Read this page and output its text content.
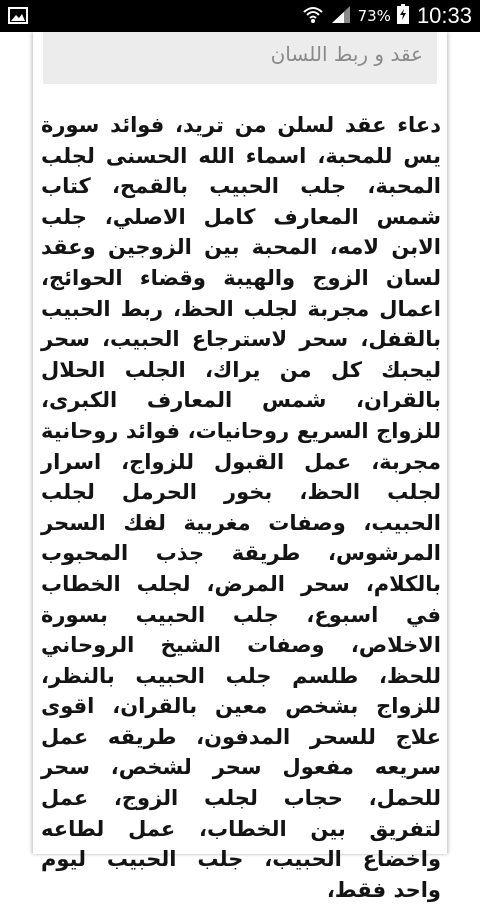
73% 10:33
عقد و ربط اللسان

دعاء عقد لسلن من تريد، فوائد سورة يس للمحبة، اسماء الله الحسنى لجلب المحبة، جلب الحبيب بالقمح، كتاب شمس المعارف كامل الاصلي، جلب الابن لامه، المحبة بين الزوجين وعقد لسان الزوج والهيبة وقضاء الحوائج، اعمال مجربة لجلب الحظ، ربط الحبيب بالقفل، سحر لاسترجاع الحبيب، سحر ليحبك كل من يراك، الجلب الحلال بالقران، شمس المعارف الكبرى، للزواج السريع روحانيات، فوائد روحانية مجربة، عمل القبول للزواج، اسرار لجلب الحظ، بخور الحرمل لجلب الحبيب، وصفات مغربية لفك السحر المرشوس، طريقة جذب المحبوب بالكلام، سحر المرض، لجلب الخطاب في اسبوع، جلب الحبيب بسورة الاخلاص، وصفات الشيخ الروحاني للحظ، طلسم جلب الحبيب بالنظر، للزواج بشخص معين بالقران، اقوى علاج للسحر المدفون، طريقه عمل سريعه مفعول سحر لشخص، سحر للحمل، حجاب لجلب الزوج، عمل لتفريق بين الخطاب، عمل لطاعه واخضاع الحبيب، جلب الحبيب ليوم واحد فقط،
